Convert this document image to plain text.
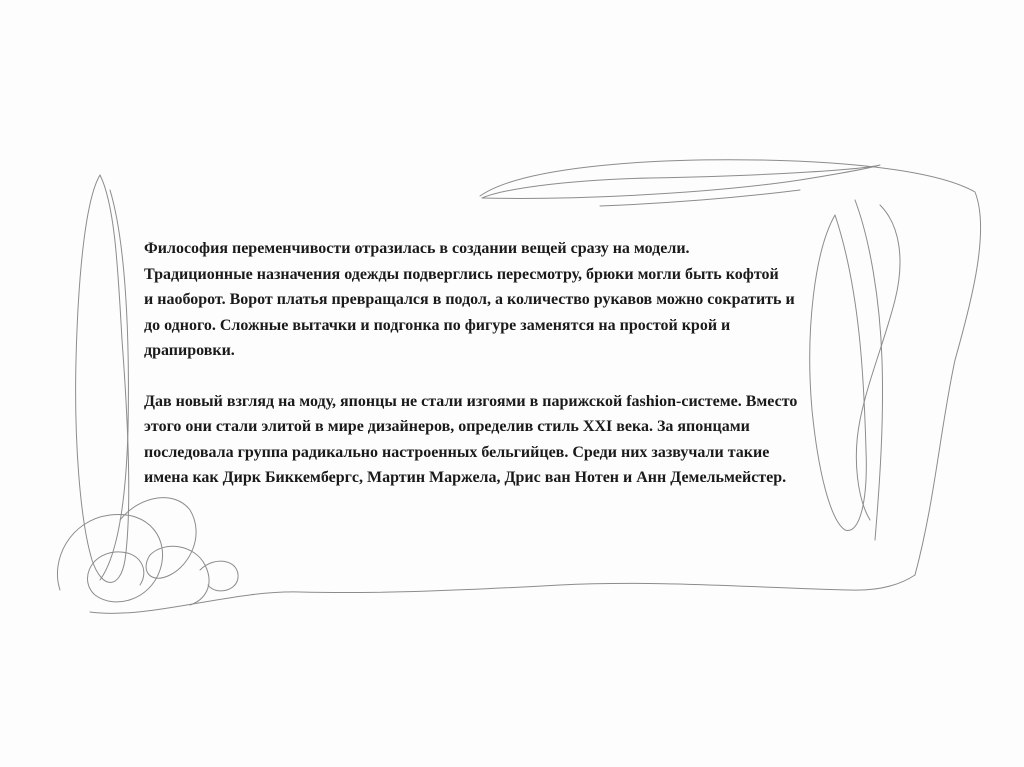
Философия переменчивости отразилась в создании вещей сразу на модели.
Традиционные назначения одежды подверглись пересмотру, брюки могли быть кофтой
и наоборот. Ворот платья превращался в подол, а количество рукавов можно сократить и
до одного. Сложные вытачки и подгонка по фигуре заменятся на простой крой и
драпировки.

Дав новый взгляд на моду, японцы не стали изгоями в парижской fashion-системе. Вместо
этого они стали элитой в мире дизайнеров, определив стиль XXI века. За японцами
последовала группа радикально настроенных бельгийцев. Среди них зазвучали такие
имена как Дирк Биккембергс, Мартин Маржела, Дрис ван Нотен и Анн Демельмейстер.
